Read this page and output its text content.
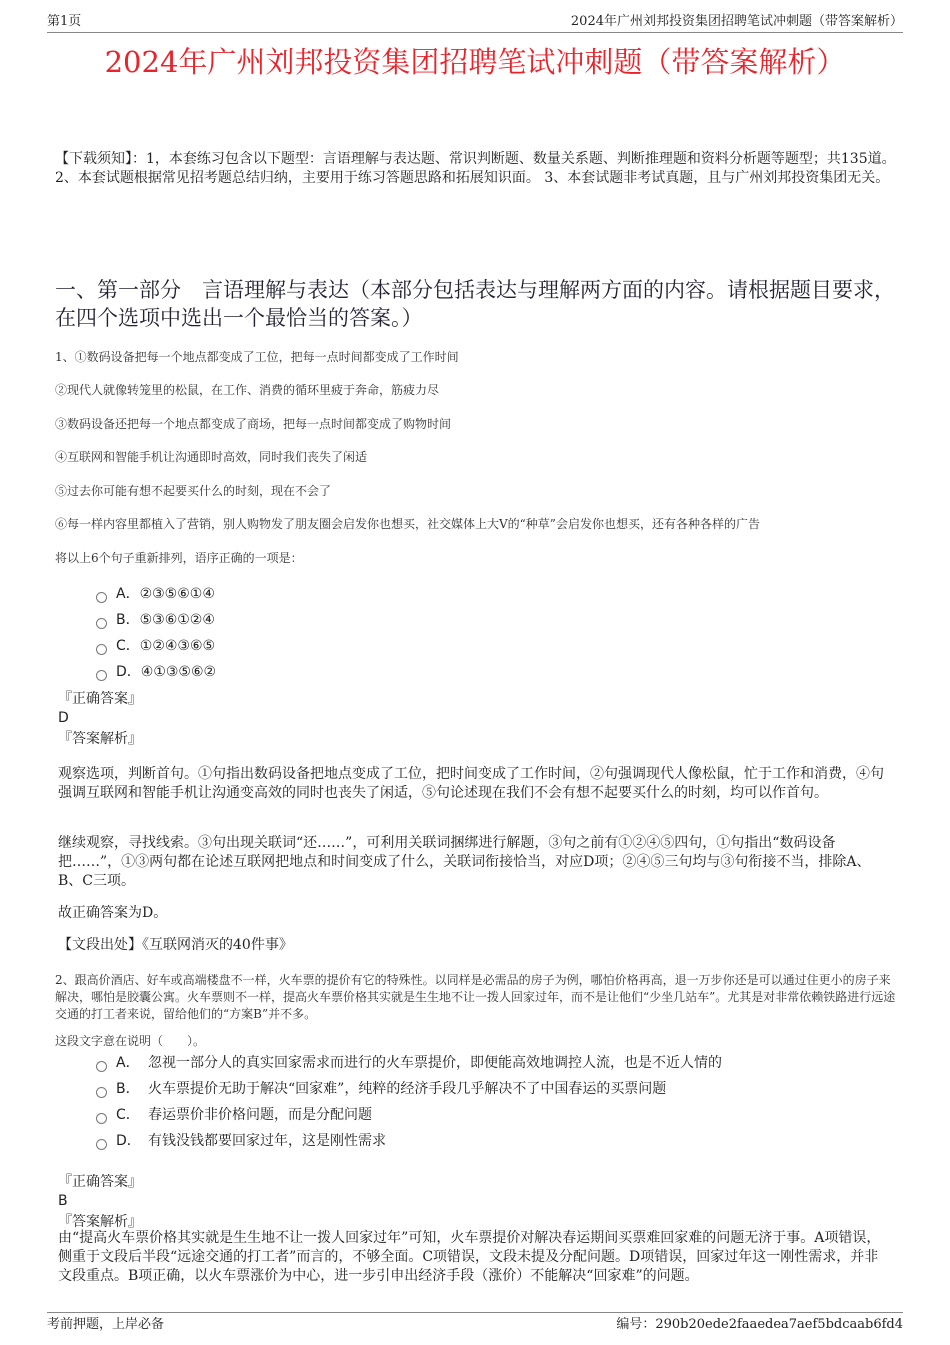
第1页	2024年广州刘邦投资集团招聘笔试冲刺题（带答案解析）
2024年广州刘邦投资集团招聘笔试冲刺题（带答案解析）
【下载须知】：1，本套练习包含以下题型：言语理解与表达题、常识判断题、数量关系题、判断推理题和资料分析题等题型；共135道。 2、本套试题根据常见招考题总结归纳，主要用于练习答题思路和拓展知识面。 3、本套试题非考试真题，且与广州刘邦投资集团无关。
一、第一部分　言语理解与表达（本部分包括表达与理解两方面的内容。请根据题目要求，在四个选项中选出一个最恰当的答案。）
1、①数码设备把每一个地点都变成了工位，把每一点时间都变成了工作时间
②现代人就像转笼里的松鼠，在工作、消费的循环里疲于奔命，筋疲力尽
③数码设备还把每一个地点都变成了商场，把每一点时间都变成了购物时间
④互联网和智能手机让沟通即时高效，同时我们丧失了闲适
⑤过去你可能有想不起要买什么的时刻，现在不会了
⑥每一样内容里都植入了营销，别人购物发了朋友圈会启发你也想买，社交媒体上大V的“种草”会启发你也想买，还有各种各样的广告
将以上6个句子重新排列，语序正确的一项是：
A．②③⑤⑥①④
B．⑤③⑥①②④
C．①②④③⑥⑤
D．④①③⑤⑥②
『正确答案』
D
『答案解析』
观察选项，判断首句。①句指出数码设备把地点变成了工位，把时间变成了工作时间，②句强调现代人像松鼠，忙于工作和消费，④句强调互联网和智能手机让沟通变高效的同时也丧失了闲适，⑤句论述现在我们不会有想不起要买什么的时刻，均可以作首句。
继续观察，寻找线索。③句出现关联词“还……”，可利用关联词捆绑进行解题，③句之前有①②④⑤四句，①句指出“数码设备把……”，①③两句都在论述互联网把地点和时间变成了什么，关联词衔接恰当，对应D项；②④⑤三句均与③句衔接不当，排除A、B、C三项。
故正确答案为D。
【文段出处】《互联网消灭的40件事》
2、跟高价酒店、好车或高端楼盘不一样，火车票的提价有它的特殊性。以同样是必需品的房子为例，哪怕价格再高，退一万步你还是可以通过住更小的房子来解决，哪怕是胶囊公寓。火车票则不一样，提高火车票价格其实就是生生地不让一拨人回家过年，而不是让他们“少坐几站车”。尤其是对非常依赖铁路进行远途交通的打工者来说，留给他们的“方案B”并不多。
这段文字意在说明（　　）。
A． 忽视一部分人的真实回家需求而进行的火车票提价，即便能高效地调控人流，也是不近人情的
B． 火车票提价无助于解决“回家难”，纯粹的经济手段几乎解决不了中国春运的买票问题
C． 春运票价非价格问题，而是分配问题
D． 有钱没钱都要回家过年，这是刚性需求
『正确答案』
B
『答案解析』
由“提高火车票价格其实就是生生地不让一拨人回家过年”可知，火车票提价对解决春运期间买票难回家难的问题无济于事。A项错误，侧重于文段后半段“远途交通的打工者”而言的，不够全面。C项错误，文段未提及分配问题。D项错误，回家过年这一刚性需求，并非文段重点。B项正确，以火车票涨价为中心，进一步引申出经济手段（涨价）不能解决“回家难”的问题。
考前押题，上岸必备	编号：290b20ede2faaedea7aef5bdcaab6fd4
